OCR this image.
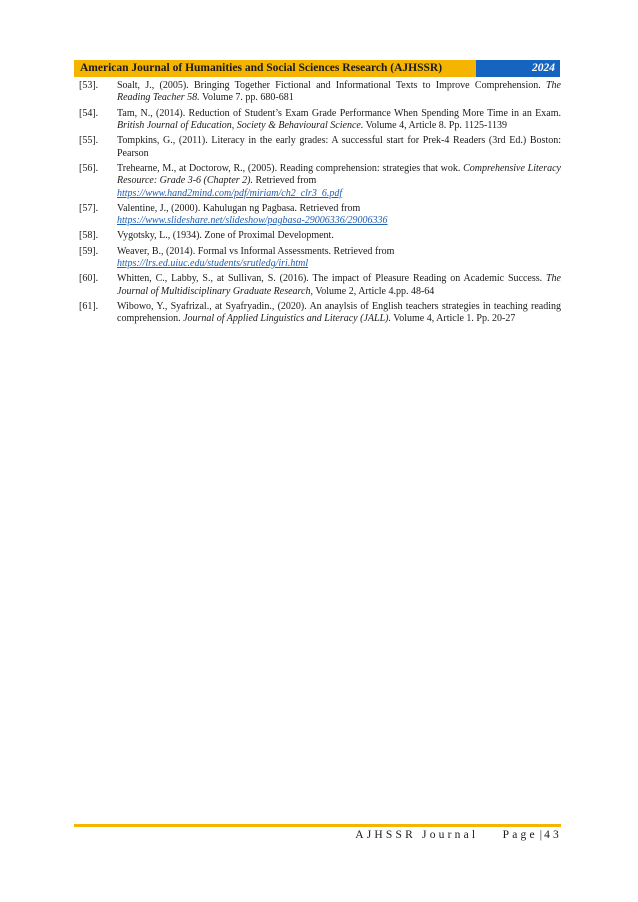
American Journal of Humanities and Social Sciences Research (AJHSSR)	2024
[53].	Soalt, J., (2005). Bringing Together Fictional and Informational Texts to Improve Comprehension. The Reading Teacher 58. Volume 7. pp. 680-681
[54].	Tam, N., (2014). Reduction of Student’s Exam Grade Performance When Spending More Time in an Exam. British Journal of Education, Society & Behavioural Science. Volume 4, Article 8. Pp. 1125-1139
[55].	Tompkins, G., (2011). Literacy in the early grades: A successful start for Prek-4 Readers (3rd Ed.) Boston: Pearson
[56].	Trehearne, M., at Doctorow, R., (2005). Reading comprehension: strategies that wok. Comprehensive Literacy Resource: Grade 3-6 (Chapter 2). Retrieved from
https://www.hand2mind.com/pdf/miriam/ch2_clr3_6.pdf
[57].	Valentine, J., (2000). Kahulugan ng Pagbasa. Retrieved from
https://www.slideshare.net/slideshow/pagbasa-29006336/29006336
[58].	Vygotsky, L., (1934). Zone of Proximal Development.
[59].	Weaver, B., (2014). Formal vs Informal Assessments. Retrieved from
https://lrs.ed.uiuc.edu/students/srutledg/iri.html
[60].	Whitten, C., Labby, S., at Sullivan, S. (2016). The impact of Pleasure Reading on Academic Success. The Journal of Multidisciplinary Graduate Research, Volume 2, Article 4.pp. 48-64
[61].	Wibowo, Y., Syafrizal., at Syafryadin., (2020). An anaylsis of English teachers strategies in teaching reading comprehension. Journal of Applied Linguistics and Literacy (JALL). Volume 4, Article 1. Pp. 20-27
AJHSSR Journal Page | 43
